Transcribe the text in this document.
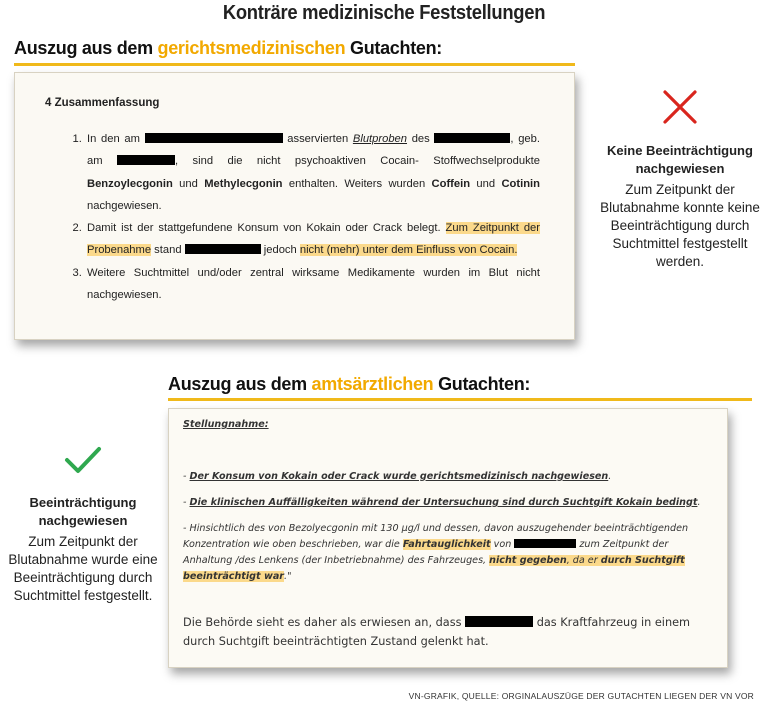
Konträre medizinische Feststellungen
Auszug aus dem gerichtsmedizinischen Gutachten:
4 Zusammenfassung
1. In den am	asservierten Blutproben des	, geb. am	, sind die nicht psychoaktiven Cocain- Stoffwechselprodukte Benzoylecgonin und Methylecgonin enthalten. Weiters wurden Coffein und Cotinin nachgewiesen.
2. Damit ist der stattgefundene Konsum von Kokain oder Crack belegt. Zum Zeitpunkt der Probenahme stand	jedoch nicht (mehr) unter dem Einfluss von Cocain.
3. Weitere Suchtmittel und/oder zentral wirksame Medikamente wurden im Blut nicht nachgewiesen.
Keine Beeinträchtigung nachgewiesen
Zum Zeitpunkt der Blutabnahme konnte keine Beeinträchtigung durch Suchtmittel festgestellt werden.
Auszug aus dem amtsärztlichen Gutachten:
Stellungnahme:
- Der Konsum von Kokain oder Crack wurde gerichtsmedizinisch nachgewiesen.
- Die klinischen Auffälligkeiten während der Untersuchung sind durch Suchtgift Kokain bedingt.
- Hinsichtlich des von Bezolyecgonin mit 130 µg/l und dessen, davon auszugehender beeinträchtigenden Konzentration wie oben beschrieben, war die Fahrtauglichkeit von	zum Zeitpunkt der Anhaltung /des Lenkens (der Inbetriebnahme) des Fahrzeuges, nicht gegeben, da er durch Suchtgift beeinträchtigt war."
Die Behörde sieht es daher als erwiesen an, dass	das Kraftfahrzeug in einem durch Suchtgift beeinträchtigten Zustand gelenkt hat.
Beeinträchtigung nachgewiesen
Zum Zeitpunkt der Blutabnahme wurde eine Beeinträchtigung durch Suchtmittel festgestellt.
VN-GRAFIK, QUELLE: ORGINALAUSZÜGE DER GUTACHTEN LIEGEN DER VN VOR
